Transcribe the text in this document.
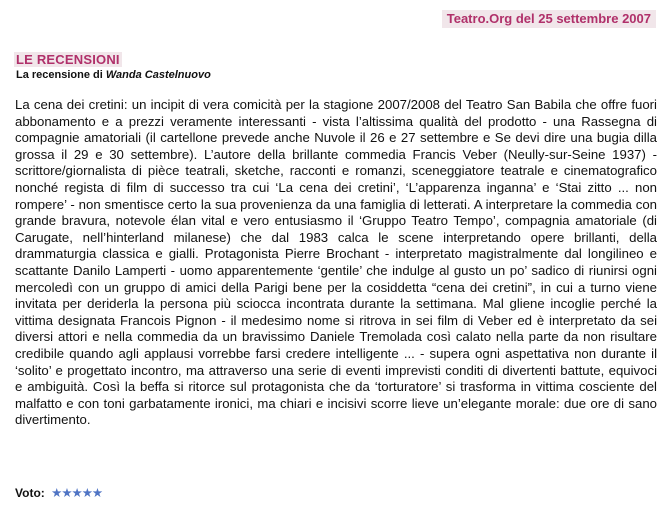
Teatro.Org del 25 settembre 2007
LE RECENSIONI
La recensione di Wanda Castelnuovo

La cena dei cretini: un incipit di vera comicità per la stagione 2007/2008 del Teatro San Babila che offre fuori abbonamento e a prezzi veramente interessanti - vista l’altissima qualità del prodotto - una Rassegna di compagnie amatoriali (il cartellone prevede anche Nuvole il 26 e 27 settembre e Se devi dire una bugia dilla grossa il 29 e 30 settembre). L’autore della brillante commedia Francis Veber (Neully-sur-Seine 1937) - scrittore/giornalista di pièce teatrali, sketche, racconti e romanzi, sceneggiatore teatrale e cinematografico nonché regista di film di successo tra cui ‘La cena dei cretini’, ‘L’apparenza inganna’ e ‘Stai zitto ... non rompere’ - non smentisce certo la sua provenienza da una famiglia di letterati. A interpretare la commedia con grande bravura, notevole élan vital e vero entusiasmo il ‘Gruppo Teatro Tempo’, compagnia amatoriale (di Carugate, nell’hinterland milanese) che dal 1983 calca le scene interpretando opere brillanti, della drammaturgia classica e gialli. Protagonista Pierre Brochant - interpretato magistralmente dal longilineo e scattante Danilo Lamperti - uomo apparentemente ‘gentile’ che indulge al gusto un po’ sadico di riunirsi ogni mercoledì con un gruppo di amici della Parigi bene per la cosiddetta “cena dei cretini”, in cui a turno viene invitata per deriderla la persona più sciocca incontrata durante la settimana. Mal gliene incoglie perché la vittima designata Francois Pignon - il medesimo nome si ritrova in sei film di Veber ed è interpretato da sei diversi attori e nella commedia da un bravissimo Daniele Tremolada così calato nella parte da non risultare credibile quando agli applausi vorrebbe farsi credere intelligente ... - supera ogni aspettativa non durante il ‘solito’ e progettato incontro, ma attraverso una serie di eventi imprevisti conditi di divertenti battute, equivoci e ambiguità. Così la beffa si ritorce sul protagonista che da ‘torturatore’ si trasforma in vittima cosciente del malfatto e con toni garbatamente ironici, ma chiari e incisivi scorre lieve un’elegante morale: due ore di sano divertimento.

Voto: ★★★★★
